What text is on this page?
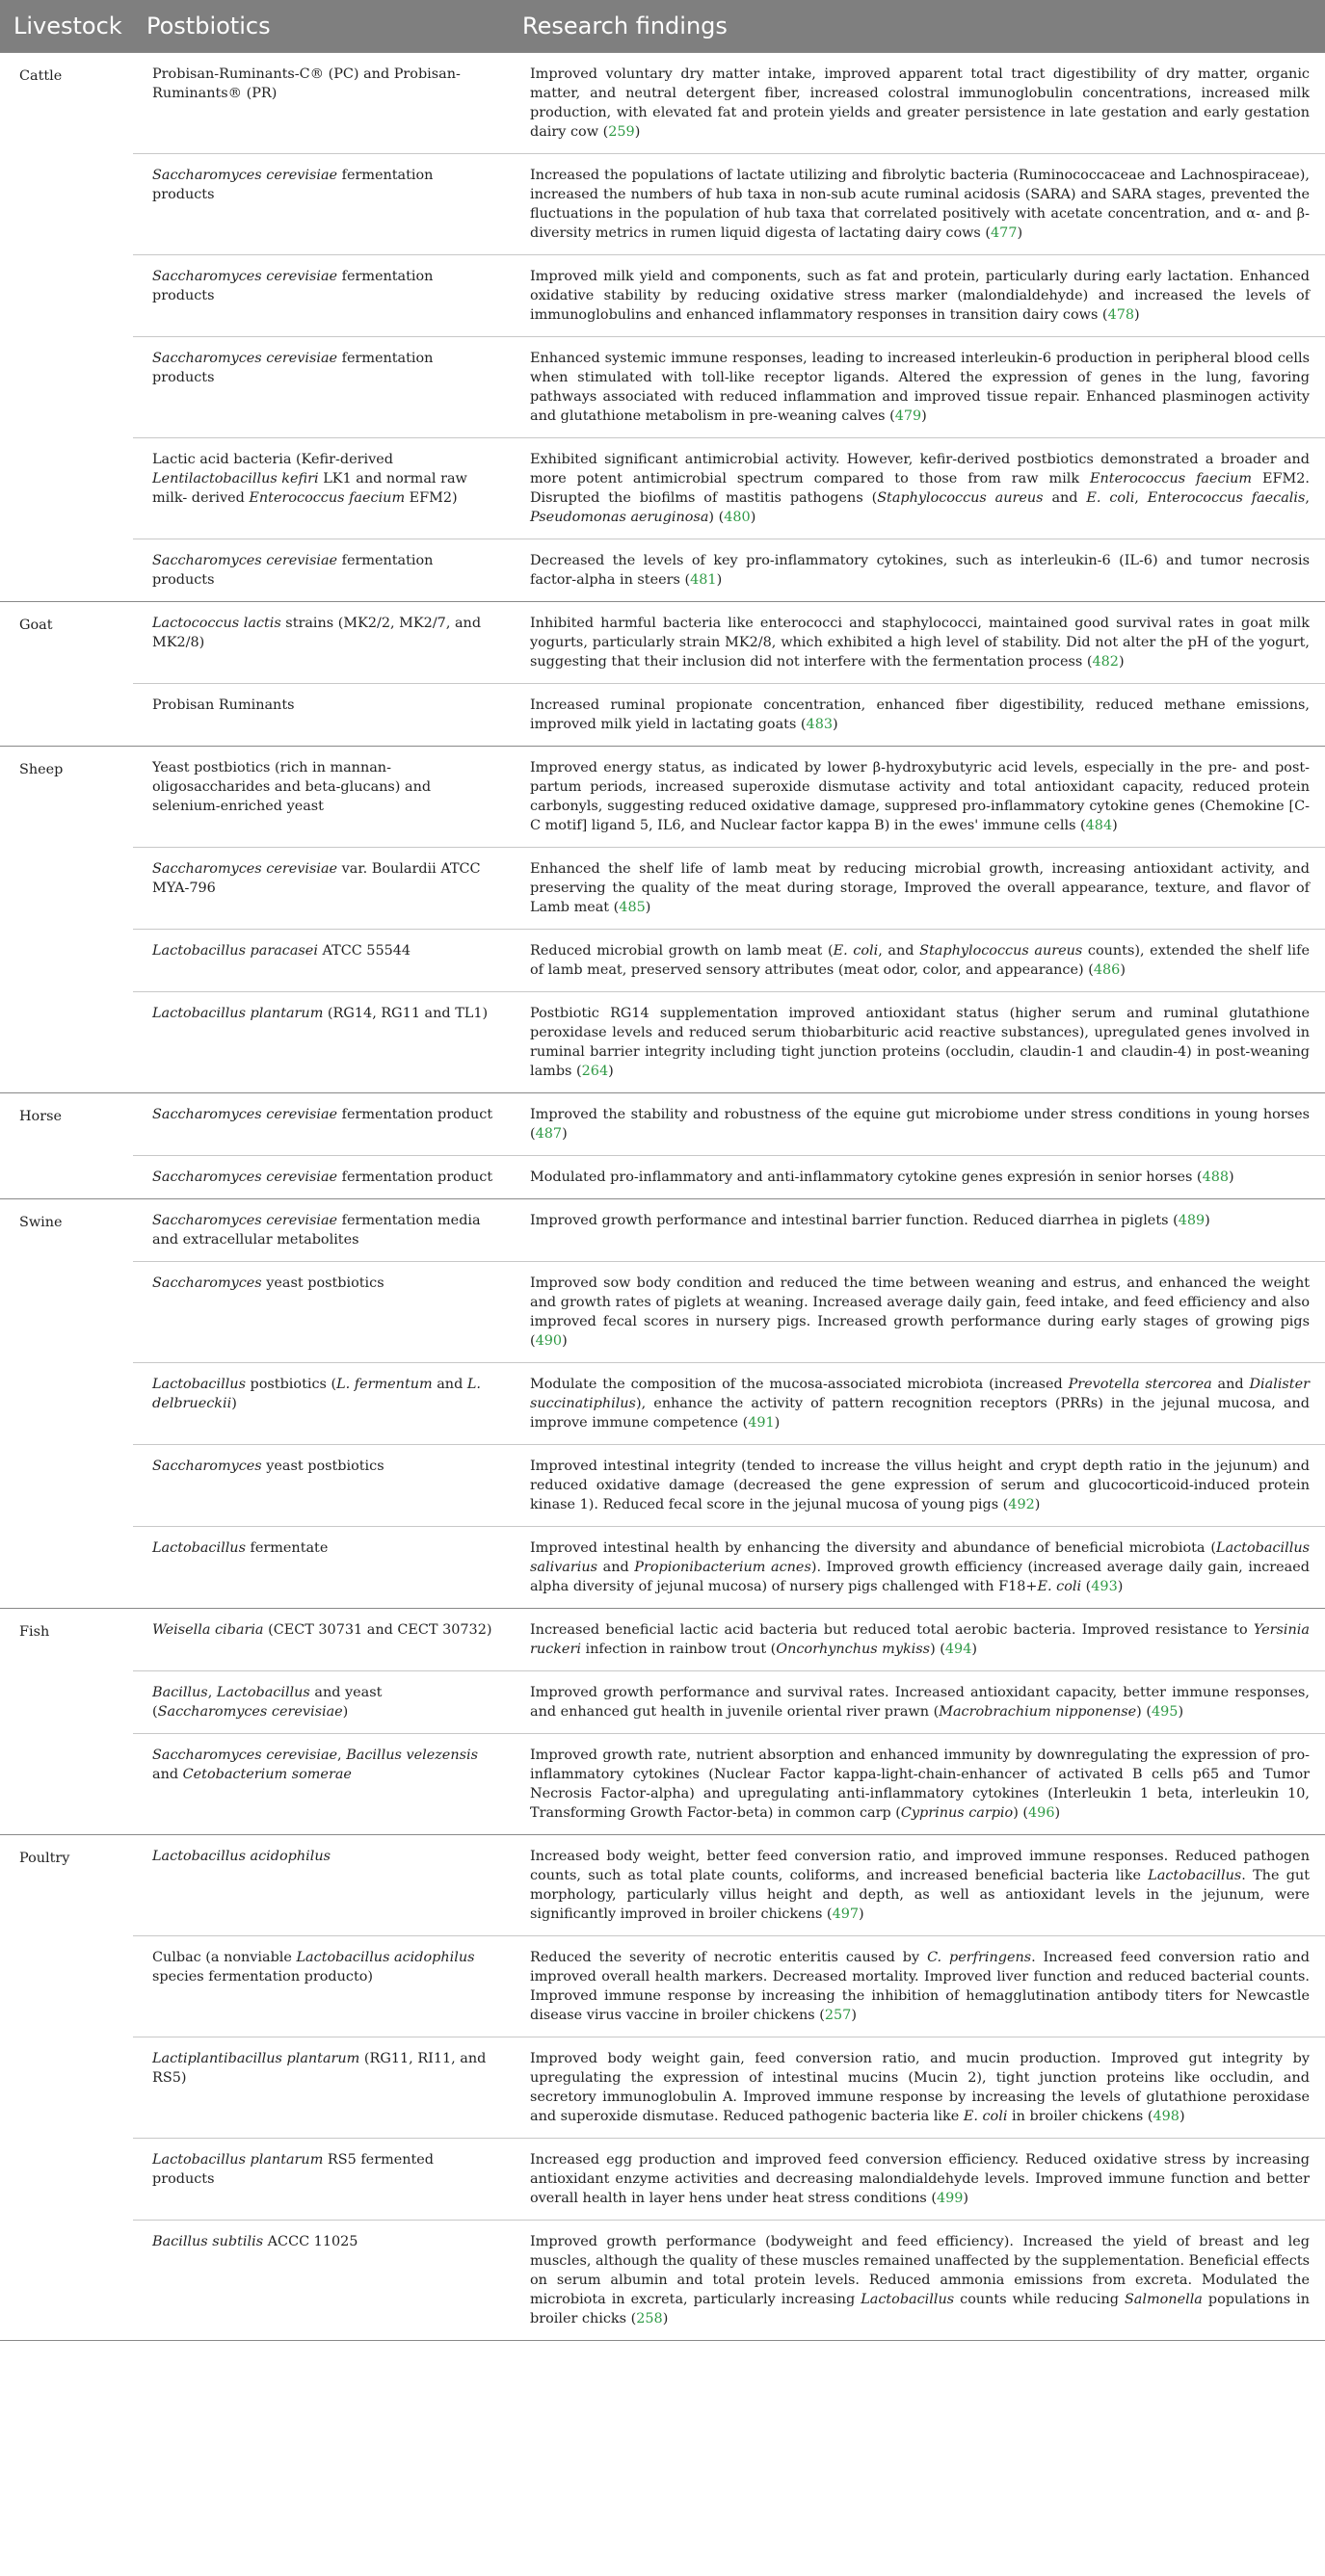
Livestock	Postbiotics	Research findings
Cattle	Probisan-Ruminants-C® (PC) and Probisan-Ruminants® (PR)	Improved voluntary dry matter intake, improved apparent total tract digestibility of dry matter, organic matter, and neutral detergent fiber, increased colostral immunoglobulin concentrations, increased milk production, with elevated fat and protein yields and greater persistence in late gestation and early gestation dairy cow (259)
	Saccharomyces cerevisiae fermentation products	Increased the populations of lactate utilizing and fibrolytic bacteria (Ruminococcaceae and Lachnospiraceae), increased the numbers of hub taxa in non-sub acute ruminal acidosis (SARA) and SARA stages, prevented the fluctuations in the population of hub taxa that correlated positively with acetate concentration, and α- and β-diversity metrics in rumen liquid digesta of lactating dairy cows (477)
	Saccharomyces cerevisiae fermentation products	Improved milk yield and components, such as fat and protein, particularly during early lactation. Enhanced oxidative stability by reducing oxidative stress marker (malondialdehyde) and increased the levels of immunoglobulins and enhanced inflammatory responses in transition dairy cows (478)
	Saccharomyces cerevisiae fermentation products	Enhanced systemic immune responses, leading to increased interleukin-6 production in peripheral blood cells when stimulated with toll-like receptor ligands. Altered the expression of genes in the lung, favoring pathways associated with reduced inflammation and improved tissue repair. Enhanced plasminogen activity and glutathione metabolism in pre-weaning calves (479)
	Lactic acid bacteria (Kefir-derived Lentilactobacillus kefiri LK1 and normal raw milk- derived Enterococcus faecium EFM2)	Exhibited significant antimicrobial activity. However, kefir-derived postbiotics demonstrated a broader and more potent antimicrobial spectrum compared to those from raw milk Enterococcus faecium EFM2. Disrupted the biofilms of mastitis pathogens (Staphylococcus aureus and E. coli, Enterococcus faecalis, Pseudomonas aeruginosa) (480)
	Saccharomyces cerevisiae fermentation products	Decreased the levels of key pro-inflammatory cytokines, such as interleukin-6 (IL-6) and tumor necrosis factor-alpha in steers (481)
Goat	Lactococcus lactis strains (MK2/2, MK2/7, and MK2/8)	Inhibited harmful bacteria like enterococci and staphylococci, maintained good survival rates in goat milk yogurts, particularly strain MK2/8, which exhibited a high level of stability. Did not alter the pH of the yogurt, suggesting that their inclusion did not interfere with the fermentation process (482)
	Probisan Ruminants	Increased ruminal propionate concentration, enhanced fiber digestibility, reduced methane emissions, improved milk yield in lactating goats (483)
Sheep	Yeast postbiotics (rich in mannan-oligosaccharides and beta-glucans) and selenium-enriched yeast	Improved energy status, as indicated by lower β-hydroxybutyric acid levels, especially in the pre- and post-partum periods, increased superoxide dismutase activity and total antioxidant capacity, reduced protein carbonyls, suggesting reduced oxidative damage, suppresed pro-inflammatory cytokine genes (Chemokine [C-C motif] ligand 5, IL6, and Nuclear factor kappa B) in the ewes' immune cells (484)
	Saccharomyces cerevisiae var. Boulardii ATCC MYA-796	Enhanced the shelf life of lamb meat by reducing microbial growth, increasing antioxidant activity, and preserving the quality of the meat during storage, Improved the overall appearance, texture, and flavor of Lamb meat (485)
	Lactobacillus paracasei ATCC 55544	Reduced microbial growth on lamb meat (E. coli, and Staphylococcus aureus counts), extended the shelf life of lamb meat, preserved sensory attributes (meat odor, color, and appearance) (486)
	Lactobacillus plantarum (RG14, RG11 and TL1)	Postbiotic RG14 supplementation improved antioxidant status (higher serum and ruminal glutathione peroxidase levels and reduced serum thiobarbituric acid reactive substances), upregulated genes involved in ruminal barrier integrity including tight junction proteins (occludin, claudin-1 and claudin-4) in post-weaning lambs (264)
Horse	Saccharomyces cerevisiae fermentation product	Improved the stability and robustness of the equine gut microbiome under stress conditions in young horses (487)
	Saccharomyces cerevisiae fermentation product	Modulated pro-inflammatory and anti-inflammatory cytokine genes expresión in senior horses (488)
Swine	Saccharomyces cerevisiae fermentation media and extracellular metabolites	Improved growth performance and intestinal barrier function. Reduced diarrhea in piglets (489)
	Saccharomyces yeast postbiotics	Improved sow body condition and reduced the time between weaning and estrus, and enhanced the weight and growth rates of piglets at weaning. Increased average daily gain, feed intake, and feed efficiency and also improved fecal scores in nursery pigs. Increased growth performance during early stages of growing pigs (490)
	Lactobacillus postbiotics (L. fermentum and L. delbrueckii)	Modulate the composition of the mucosa-associated microbiota (increased Prevotella stercorea and Dialister succinatiphilus), enhance the activity of pattern recognition receptors (PRRs) in the jejunal mucosa, and improve immune competence (491)
	Saccharomyces yeast postbiotics	Improved intestinal integrity (tended to increase the villus height and crypt depth ratio in the jejunum) and reduced oxidative damage (decreased the gene expression of serum and glucocorticoid-induced protein kinase 1). Reduced fecal score in the jejunal mucosa of young pigs (492)
	Lactobacillus fermentate	Improved intestinal health by enhancing the diversity and abundance of beneficial microbiota (Lactobacillus salivarius and Propionibacterium acnes). Improved growth efficiency (increased average daily gain, increaed alpha diversity of jejunal mucosa) of nursery pigs challenged with F18+E. coli (493)
Fish	Weisella cibaria (CECT 30731 and CECT 30732)	Increased beneficial lactic acid bacteria but reduced total aerobic bacteria. Improved resistance to Yersinia ruckeri infection in rainbow trout (Oncorhynchus mykiss) (494)
	Bacillus, Lactobacillus and yeast (Saccharomyces cerevisiae)	Improved growth performance and survival rates. Increased antioxidant capacity, better immune responses, and enhanced gut health in juvenile oriental river prawn (Macrobrachium nipponense) (495)
	Saccharomyces cerevisiae, Bacillus velezensis and Cetobacterium somerae	Improved growth rate, nutrient absorption and enhanced immunity by downregulating the expression of pro-inflammatory cytokines (Nuclear Factor kappa-light-chain-enhancer of activated B cells p65 and Tumor Necrosis Factor-alpha) and upregulating anti-inflammatory cytokines (Interleukin 1 beta, interleukin 10, Transforming Growth Factor-beta) in common carp (Cyprinus carpio) (496)
Poultry	Lactobacillus acidophilus	Increased body weight, better feed conversion ratio, and improved immune responses. Reduced pathogen counts, such as total plate counts, coliforms, and increased beneficial bacteria like Lactobacillus. The gut morphology, particularly villus height and depth, as well as antioxidant levels in the jejunum, were significantly improved in broiler chickens (497)
	Culbac (a nonviable Lactobacillus acidophilus species fermentation producto)	Reduced the severity of necrotic enteritis caused by C. perfringens. Increased feed conversion ratio and improved overall health markers. Decreased mortality. Improved liver function and reduced bacterial counts. Improved immune response by increasing the inhibition of hemagglutination antibody titers for Newcastle disease virus vaccine in broiler chickens (257)
	Lactiplantibacillus plantarum (RG11, RI11, and RS5)	Improved body weight gain, feed conversion ratio, and mucin production. Improved gut integrity by upregulating the expression of intestinal mucins (Mucin 2), tight junction proteins like occludin, and secretory immunoglobulin A. Improved immune response by increasing the levels of glutathione peroxidase and superoxide dismutase. Reduced pathogenic bacteria like E. coli in broiler chickens (498)
	Lactobacillus plantarum RS5 fermented products	Increased egg production and improved feed conversion efficiency. Reduced oxidative stress by increasing antioxidant enzyme activities and decreasing malondialdehyde levels. Improved immune function and better overall health in layer hens under heat stress conditions (499)
	Bacillus subtilis ACCC 11025	Improved growth performance (bodyweight and feed efficiency). Increased the yield of breast and leg muscles, although the quality of these muscles remained unaffected by the supplementation. Beneficial effects on serum albumin and total protein levels. Reduced ammonia emissions from excreta. Modulated the microbiota in excreta, particularly increasing Lactobacillus counts while reducing Salmonella populations in broiler chicks (258)
